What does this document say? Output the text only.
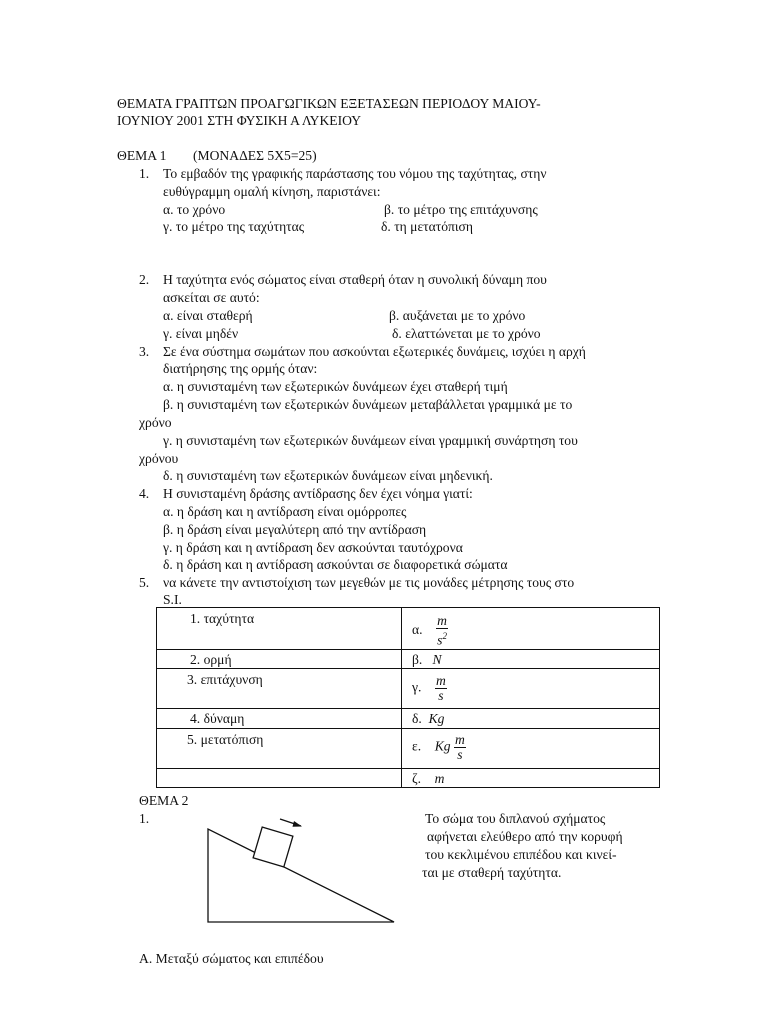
ΘΕΜΑΤΑ ΓΡΑΠΤΩΝ ΠΡΟΑΓΩΓΙΚΩΝ ΕΞΕΤΑΣΕΩΝ ΠΕΡΙΟΔΟΥ ΜΑΙΟΥ-
ΙΟΥΝΙΟΥ 2001 ΣΤΗ ΦΥΣΙΚΗ Α ΛΥΚΕΙΟΥ
ΘΕΜΑ 1 (ΜΟΝΑΔΕΣ 5Χ5=25)
1. Το εμβαδόν της γραφικής παράστασης του νόμου της ταχύτητας, στην
ευθύγραμμη ομαλή κίνηση, παριστάνει:
α. το χρόνο	β. το μέτρο της επιτάχυνσης
γ. το μέτρο της ταχύτητας	δ. τη μετατόπιση
2. Η ταχύτητα ενός σώματος είναι σταθερή όταν η συνολική δύναμη που
ασκείται σε αυτό:
α. είναι σταθερή	β. αυξάνεται με το χρόνο
γ. είναι μηδέν	δ. ελαττώνεται με το χρόνο
3. Σε ένα σύστημα σωμάτων που ασκούνται εξωτερικές δυνάμεις, ισχύει η αρχή
διατήρησης της ορμής όταν:
α. η συνισταμένη των εξωτερικών δυνάμεων έχει σταθερή τιμή
β. η συνισταμένη των εξωτερικών δυνάμεων μεταβάλλεται γραμμικά με το
χρόνο
γ. η συνισταμένη των εξωτερικών δυνάμεων είναι γραμμική συνάρτηση του
χρόνου
δ. η συνισταμένη των εξωτερικών δυνάμεων είναι μηδενική.
4. Η συνισταμένη δράσης αντίδρασης δεν έχει νόημα γιατί:
α. η δράση και η αντίδραση είναι ομόρροπες
β. η δράση είναι μεγαλύτερη από την αντίδραση
γ. η δράση και η αντίδραση δεν ασκούνται ταυτόχρονα
δ. η δράση και η αντίδραση ασκούνται σε διαφορετικά σώματα
5. να κάνετε την αντιστοίχιση των μεγεθών με τις μονάδες μέτρησης τους στο
S.I.
1. ταχύτητα	α. $\frac{m}{s^2}$

2. ορμή	β. N

3. επιτάχυνση	γ. $\frac{m}{s}$

4. δύναμη	δ. Kg

5. μετατόπιση	ε. Kg $\frac{m}{s}$

	ζ. m
ΘΕΜΑ 2
1.	Το σώμα του διπλανού σχήματος
αφήνεται ελεύθερο από την κορυφή
του κεκλιμένου επιπέδου και κινεί-
ται με σταθερή ταχύτητα.
Α. Μεταξύ σώματος και επιπέδου
